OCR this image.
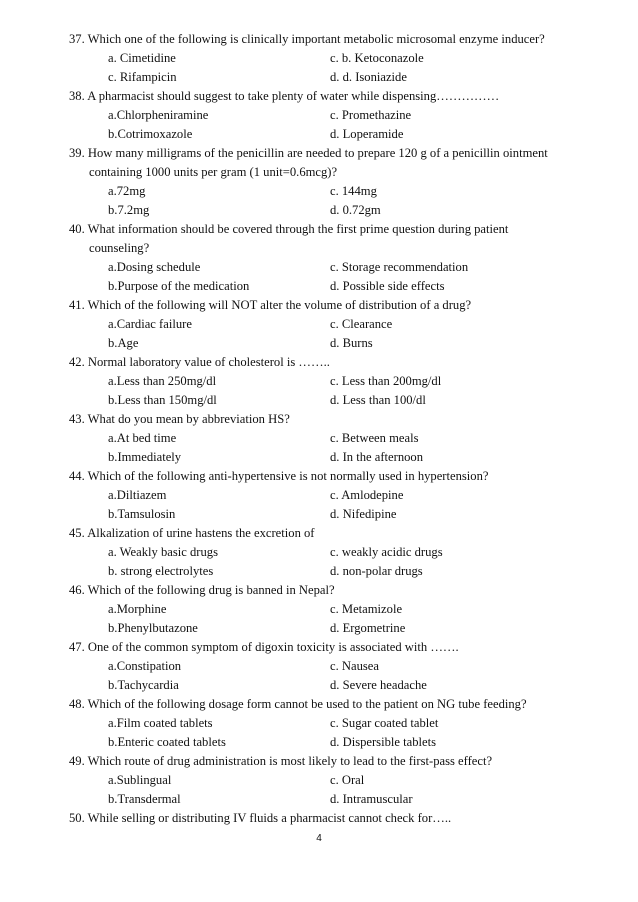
37. Which one of the following is clinically important metabolic microsomal enzyme inducer?
a. Cimetidine	c. b. Ketoconazole
c. Rifampicin	d. d. Isoniazide
38. A pharmacist should suggest to take plenty of water while dispensing……………
a.Chlorpheniramine	c. Promethazine
b.Cotrimoxazole	d. Loperamide
39. How many milligrams of the penicillin are needed to prepare 120 g of a penicillin ointment
containing 1000 units per gram (1 unit=0.6mcg)?
a.72mg	c. 144mg
b.7.2mg	d. 0.72gm
40. What information should be covered through the first prime question during patient
counseling?
a.Dosing schedule	c. Storage recommendation
b.Purpose of the medication	d. Possible side effects
41. Which of the following will NOT alter the volume of distribution of a drug?
a.Cardiac failure	c. Clearance
b.Age	d. Burns
42. Normal laboratory value of cholesterol is ……..
a.Less than 250mg/dl	c. Less than 200mg/dl
b.Less than 150mg/dl	d. Less than 100/dl
43. What do you mean by abbreviation HS?
a.At bed time	c. Between meals
b.Immediately	d. In the afternoon
44. Which of the following anti-hypertensive is not normally used in hypertension?
a.Diltiazem	c. Amlodepine
b.Tamsulosin	d. Nifedipine
45. Alkalization of urine hastens the excretion of
a. Weakly basic drugs	c. weakly acidic drugs
b. strong electrolytes	d. non-polar drugs
46. Which of the following drug is banned in Nepal?
a.Morphine	c. Metamizole
b.Phenylbutazone	d. Ergometrine
47. One of the common symptom of digoxin toxicity is associated with …….
a.Constipation	c. Nausea
b.Tachycardia	d. Severe headache
48. Which of the following dosage form cannot be used to the patient on NG tube feeding?
a.Film coated tablets	c. Sugar coated tablet
b.Enteric coated tablets	d. Dispersible tablets
49. Which route of drug administration is most likely to lead to the first-pass effect?
a.Sublingual	c. Oral
b.Transdermal	d. Intramuscular
50. While selling or distributing IV fluids a pharmacist cannot check for…..
4
